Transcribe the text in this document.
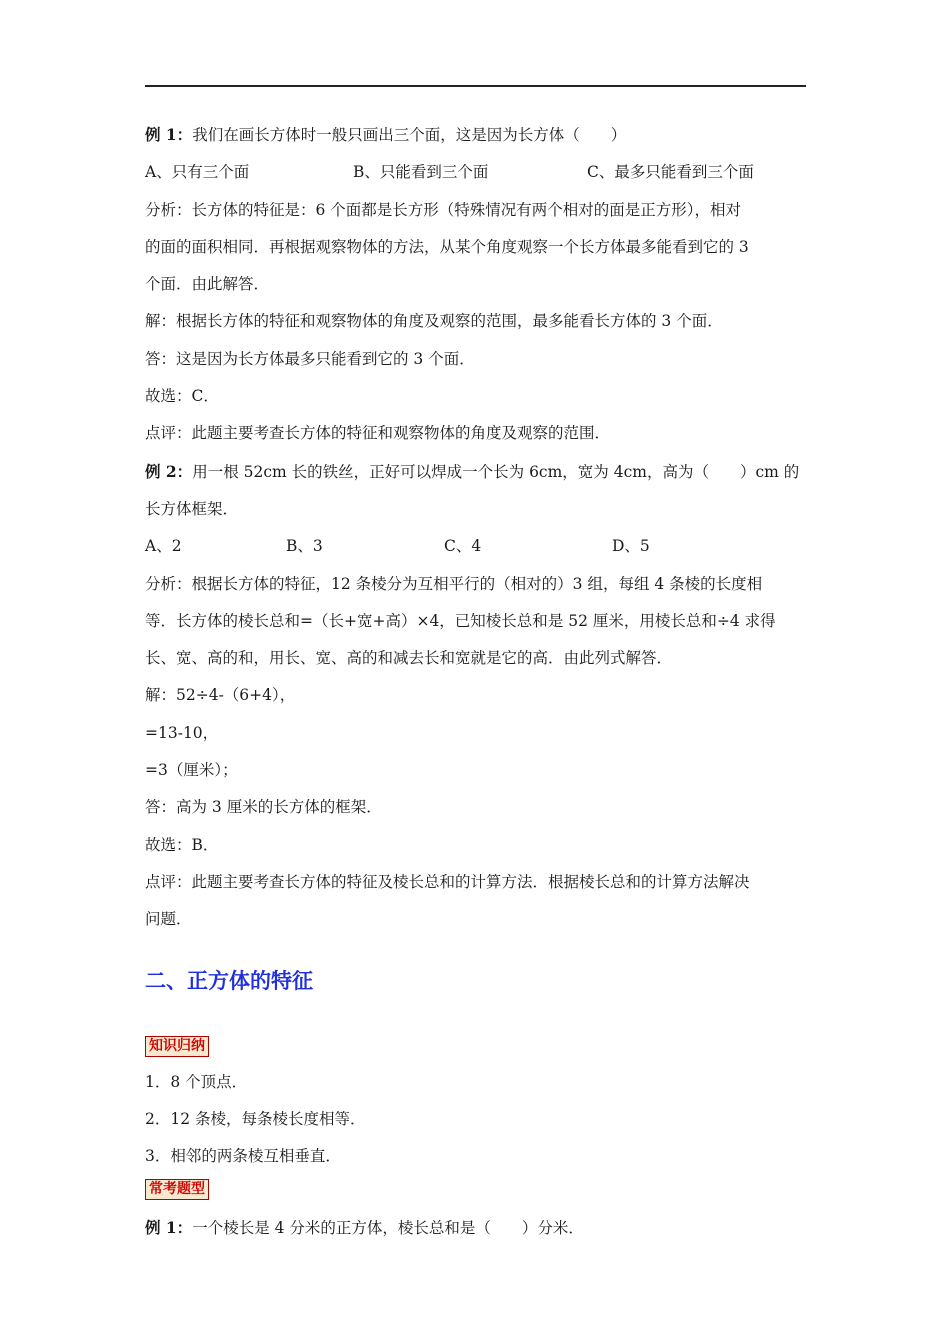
例 1：我们在画长方体时一般只画出三个面，这是因为长方体（　　）

A、只有三个面	B、只能看到三个面	C、最多只能看到三个面

分析：长方体的特征是：6 个面都是长方形（特殊情况有两个相对的面是正方形），相对

的面的面积相同．再根据观察物体的方法，从某个角度观察一个长方体最多能看到它的 3

个面．由此解答．

解：根据长方体的特征和观察物体的角度及观察的范围，最多能看长方体的 3 个面．

答：这是因为长方体最多只能看到它的 3 个面．

故选：C．

点评：此题主要考查长方体的特征和观察物体的角度及观察的范围．

例 2：用一根 52cm 长的铁丝，正好可以焊成一个长为 6cm，宽为 4cm，高为（　　）cm 的

长方体框架．

A、2	B、3	C、4	D、5

分析：根据长方体的特征，12 条棱分为互相平行的（相对的）3 组，每组 4 条棱的长度相

等．长方体的棱长总和=（长+宽+高）×4，已知棱长总和是 52 厘米，用棱长总和÷4 求得

长、宽、高的和，用长、宽、高的和减去长和宽就是它的高．由此列式解答．

解：52÷4-（6+4），

=13-10，

=3（厘米）；

答：高为 3 厘米的长方体的框架．

故选：B．

点评：此题主要考查长方体的特征及棱长总和的计算方法．根据棱长总和的计算方法解决

问题．

二、正方体的特征
知识归纳

1．8 个顶点．

2．12 条棱，每条棱长度相等．

3．相邻的两条棱互相垂直．

常考题型

例 1：一个棱长是 4 分米的正方体，棱长总和是（　　）分米．
